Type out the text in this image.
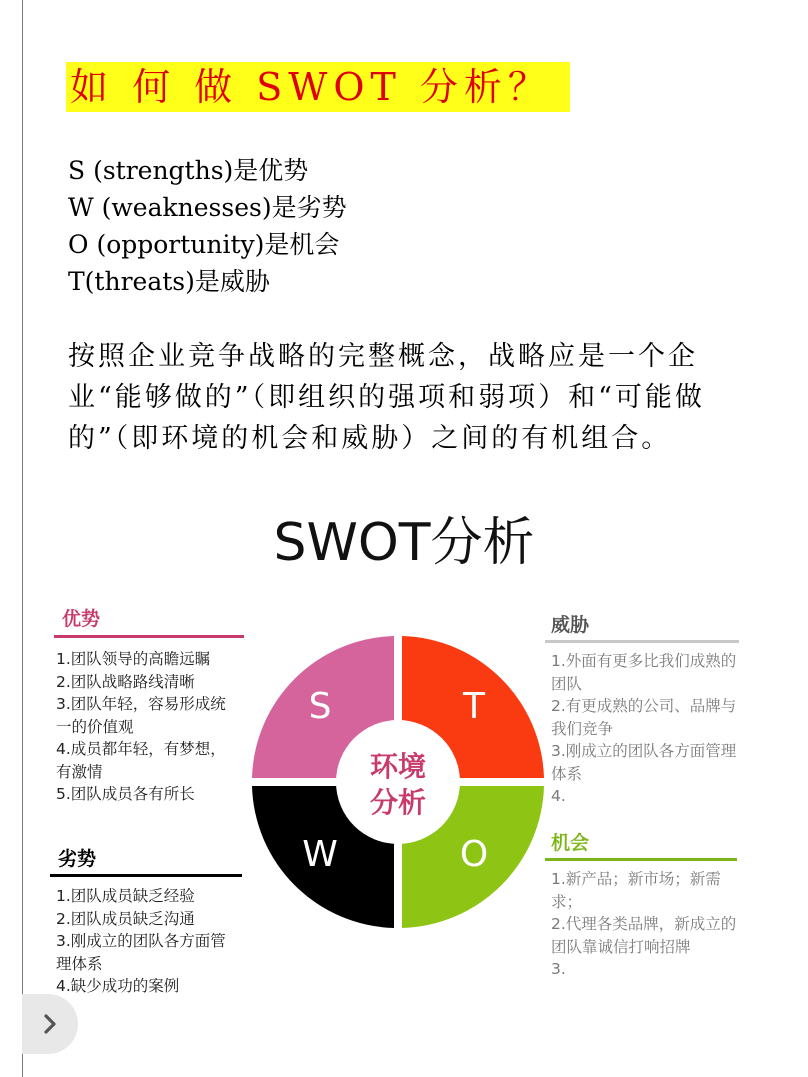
如 何 做 SWOT 分析？
S (strengths)是优势
W (weaknesses)是劣势
O (opportunity)是机会
T(threats)是威胁
按照企业竞争战略的完整概念，战略应是一个企业“能够做的”（即组织的强项和弱项）和“可能做的”（即环境的机会和威胁）之间的有机组合。
SWOT分析
优势
1.团队领导的高瞻远瞩
2.团队战略路线清晰
3.团队年轻，容易形成统一的价值观
4.成员都年轻，有梦想，有激情
5.团队成员各有所长
劣势
1.团队成员缺乏经验
2.团队成员缺乏沟通
3.刚成立的团队各方面管理体系
4.缺少成功的案例
威胁
1.外面有更多比我们成熟的团队
2.有更成熟的公司、品牌与我们竞争
3.刚成立的团队各方面管理体系
4.
机会
1.新产品；新市场；新需求；
2.代理各类品牌，新成立的团队靠诚信打响招牌
3.
S	T
W	O
环境
分析
